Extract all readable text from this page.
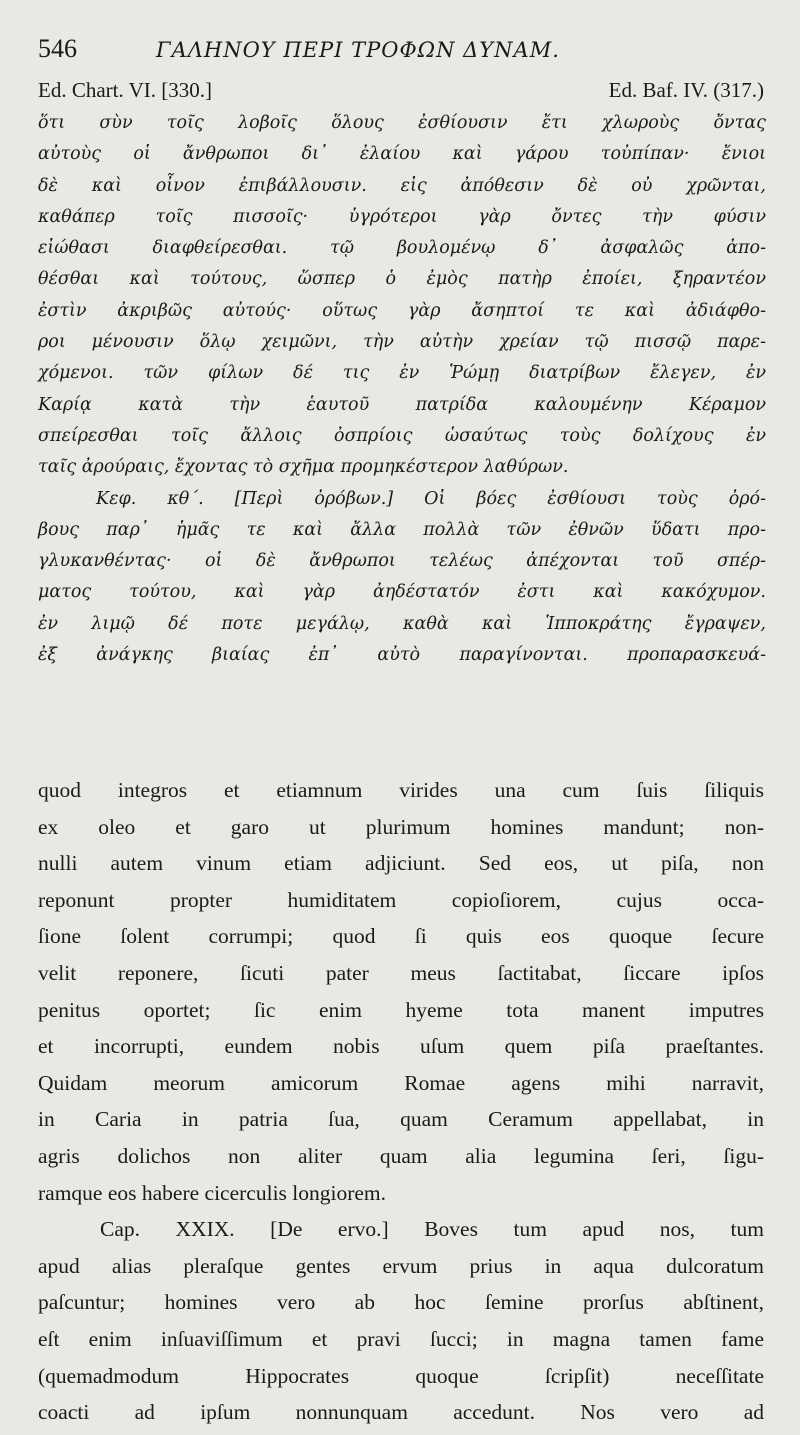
546	ΓΑΛΗΝΟΥ ΠΕΡΙ ΤΡΟΦΩΝ ΔΥΝΑΜ.
Ed. Chart. VI. [330.]	Ed. Baf. IV. (317.)
ὅτι σὺν τοῖς λοβοῖς ὅλους ἐσθίουσιν ἔτι χλωροὺς ὄντας
αὐτοὺς οἱ ἄνθρωποι δι᾽ ἐλαίου καὶ γάρου τοὐπίπαν· ἔνιοι
δὲ καὶ οἶνον ἐπιβάλλουσιν. εἰς ἀπόθεσιν δὲ οὐ χρῶνται,
καθάπερ τοῖς πισσοῖς· ὑγρότεροι γὰρ ὄντες τὴν φύσιν
εἰώθασι διαφθείρεσθαι. τῷ βουλομένῳ δ᾽ ἀσφαλῶς ἀπο-
θέσθαι καὶ τούτους, ὥσπερ ὁ ἐμὸς πατὴρ ἐποίει, ξηραντέον
ἐστὶν ἀκριβῶς αὐτούς· οὕτως γὰρ ἄσηπτοί τε καὶ ἀδιάφθο-
ροι μένουσιν ὅλῳ χειμῶνι, τὴν αὐτὴν χρείαν τῷ πισσῷ παρε-
χόμενοι. τῶν φίλων δέ τις ἐν Ῥώμῃ διατρίβων ἔλεγεν, ἐν
Καρίᾳ κατὰ τὴν ἑαυτοῦ πατρίδα καλουμένην Κέραμον
σπείρεσθαι τοῖς ἄλλοις ὀσπρίοις ὡσαύτως τοὺς δολίχους ἐν
ταῖς ἀρούραις, ἔχοντας τὸ σχῆμα προμηκέστερον λαθύρων.
Κεφ. κθ΄. [Περὶ ὀρόβων.] Οἱ βόες ἐσθίουσι τοὺς ὀρό-
βους παρ᾽ ἡμᾶς τε καὶ ἄλλα πολλὰ τῶν ἐθνῶν ὕδατι προ-
γλυκανθέντας· οἱ δὲ ἄνθρωποι τελέως ἀπέχονται τοῦ σπέρ-
ματος τούτου, καὶ γὰρ ἀηδέστατόν ἐστι καὶ κακόχυμον.
ἐν λιμῷ δέ ποτε μεγάλῳ, καθὰ καὶ Ἱπποκράτης ἔγραψεν,
ἐξ ἀνάγκης βιαίας ἐπ᾽ αὐτὸ παραγίνονται. προπαρασκευά-
quod integros et etiamnum virides una cum ſuis ſiliquis
ex oleo et garo ut plurimum homines mandunt; non-
nulli autem vinum etiam adjiciunt. Sed eos, ut piſa, non
reponunt propter humiditatem copioſiorem, cujus occa-
ſione ſolent corrumpi; quod ſi quis eos quoque ſecure
velit reponere, ſicuti pater meus ſactitabat, ſiccare ipſos
penitus oportet; ſic enim hyeme tota manent imputres
et incorrupti, eundem nobis uſum quem piſa praeſtantes.
Quidam meorum amicorum Romae agens mihi narravit,
in Caria in patria ſua, quam Ceramum appellabat, in
agris dolichos non aliter quam alia legumina ſeri, ſigu-
ramque eos habere cicerculis longiorem.
Cap. XXIX. [De ervo.] Boves tum apud nos, tum
apud alias pleraſque gentes ervum prius in aqua dulcoratum
paſcuntur; homines vero ab hoc ſemine prorſus abſtinent,
eſt enim inſuaviſſimum et pravi ſucci; in magna tamen fame
(quemadmodum Hippocrates quoque ſcripſit) neceſſitate
coacti ad ipſum nonnunquam accedunt. Nos vero ad
